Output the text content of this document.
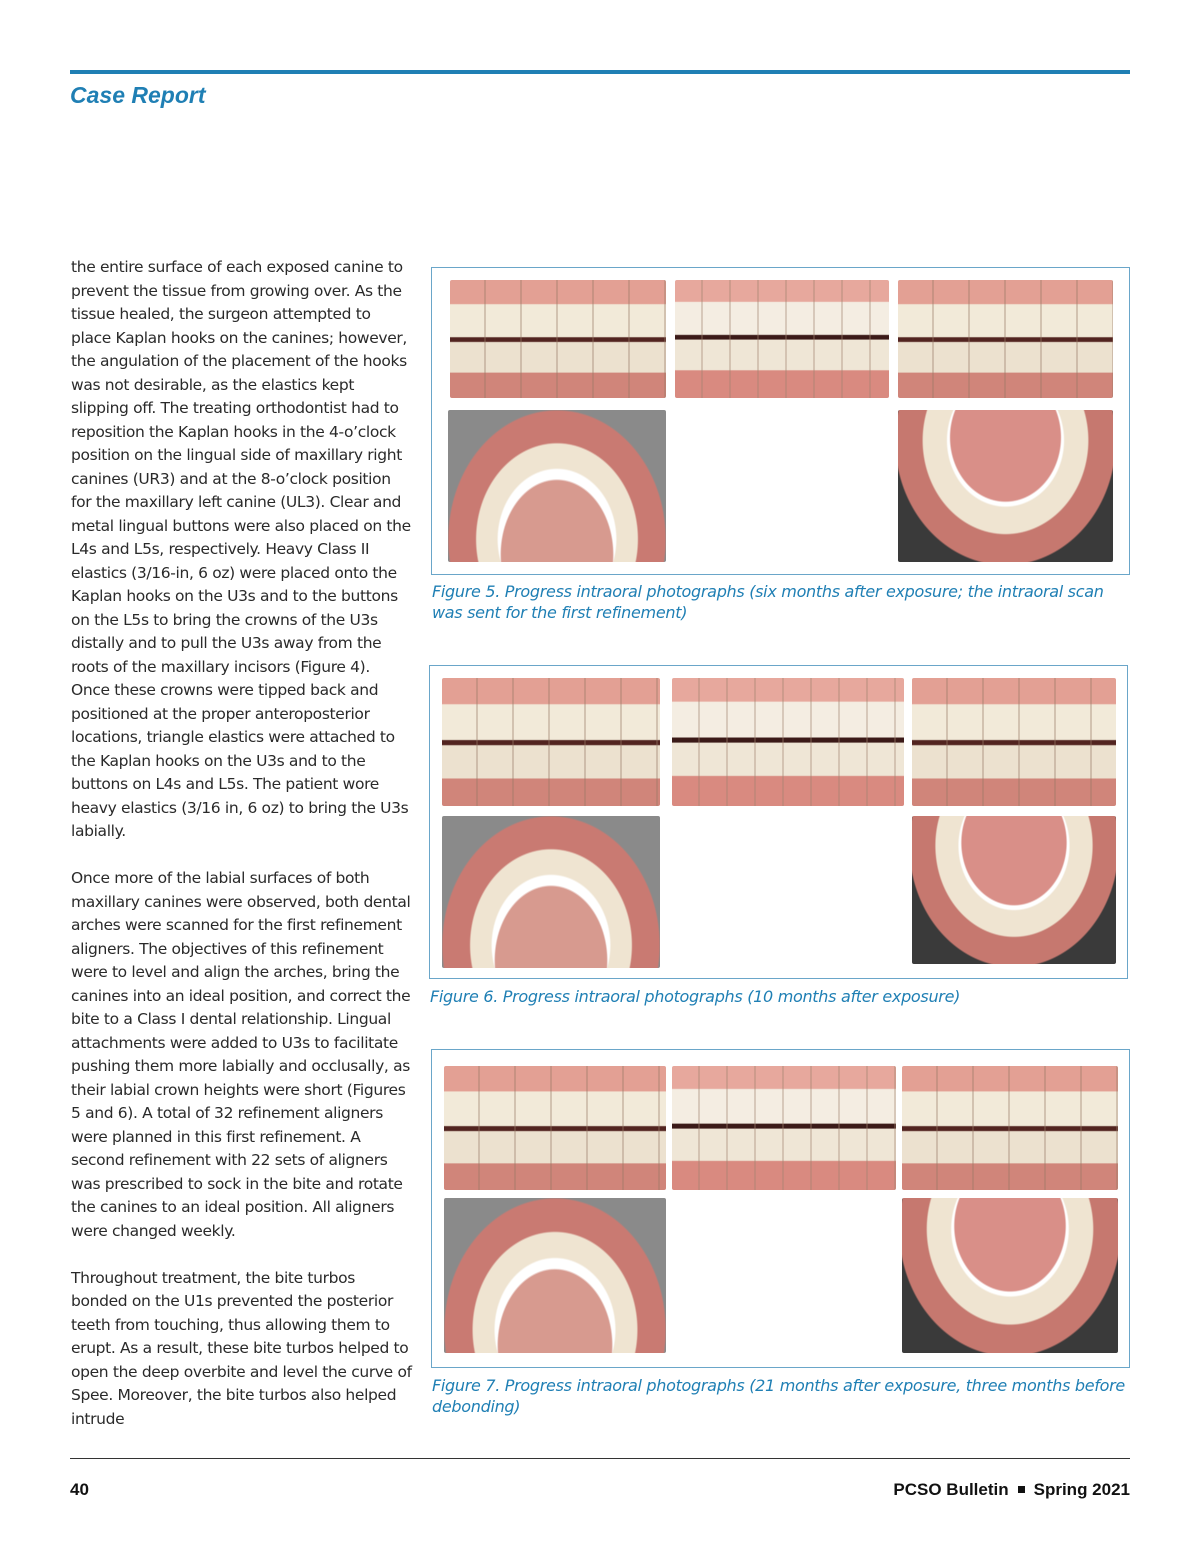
Case Report

the entire surface of each exposed canine to prevent the tissue from growing over. As the tissue healed, the surgeon attempted to place Kaplan hooks on the canines; however, the angulation of the placement of the hooks was not desirable, as the elastics kept slipping off. The treating orthodontist had to reposition the Kaplan hooks in the 4-o’clock position on the lingual side of maxillary right canines (UR3) and at the 8-o’clock position for the maxillary left canine (UL3). Clear and metal lingual buttons were also placed on the L4s and L5s, respectively. Heavy Class II elastics (3/16-in, 6 oz) were placed onto the Kaplan hooks on the U3s and to the buttons on the L5s to bring the crowns of the U3s distally and to pull the U3s away from the roots of the maxillary incisors (Figure 4). Once these crowns were tipped back and positioned at the proper anteroposterior locations, triangle elastics were attached to the Kaplan hooks on the U3s and to the buttons on L4s and L5s. The patient wore heavy elastics (3/16 in, 6 oz) to bring the U3s labially.

Once more of the labial surfaces of both maxillary canines were observed, both dental arches were scanned for the first refinement aligners. The objectives of this refinement were to level and align the arches, bring the canines into an ideal position, and correct the bite to a Class I dental relationship. Lingual attachments were added to U3s to facilitate pushing them more labially and occlusally, as their labial crown heights were short (Figures 5 and 6). A total of 32 refinement aligners were planned in this first refinement. A second refinement with 22 sets of aligners was prescribed to sock in the bite and rotate the canines to an ideal position. All aligners were changed weekly.

Throughout treatment, the bite turbos bonded on the U1s prevented the posterior teeth from touching, thus allowing them to erupt. As a result, these bite turbos helped to open the deep overbite and level the curve of Spee. Moreover, the bite turbos also helped intrude

Figure 5. Progress intraoral photographs (six months after exposure; the intraoral scan was sent for the first refinement)

Figure 6. Progress intraoral photographs (10 months after exposure)

Figure 7. Progress intraoral photographs (21 months after exposure, three months before debonding)

40	PCSO Bulletin Spring 2021
